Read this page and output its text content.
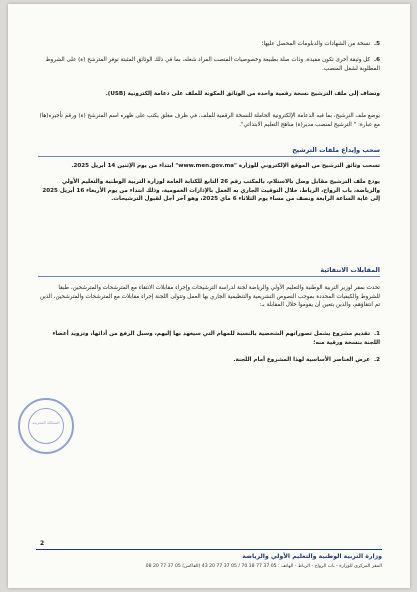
5. نسخة من الشهادات والدبلومات المحصل عليها؛
6. كل وثيقة أخرى تكون مفيدة، وذات صلة بطبيعة وخصوصيات المنصب المراد شغله، بما في ذلك الوثائق المثبتة توفر المترشح (ة) على الشروط المطلوبة لشغل المنصب.
وتضاف إلى ملف الترشيح نسخة رقمية واحدة من الوثائق المكونة للملف على دعامة إلكترونية (USB).
يوضع ملف الترشيح، بما فيه الدعامة الإلكترونية الحاملة للنسخة الرقمية للملف، في ظرف مغلق يكتب على ظهره اسم المترشح (ة) ورقم تأجيره(ها) مع عبارة: " الترشيح لمنصب مدير(ة) مناهج التعليم الابتدائي".
سحب وإيداع ملفات الترشيح
تسحب وثائق الترشيح من الموقع الإلكتروني للوزارة "www.men.gov.ma" ابتداء من يوم الإثنين 14 أبريل 2025.
يودع ملف الترشيح مقابل وصل بالاستلام، بالمكتب رقم 26 التابع للكتابة العامة لوزارة التربية الوطنية والتعليم الأولي والرياضة، باب الرواح، الرباط، خلال التوقيت الجاري به العمل بالإدارات العمومية، وذلك ابتداء من يوم الأربعاء 16 أبريل 2025 إلى غاية الساعة الرابعة ونصف من مساء يوم الثلاثاء 6 ماي 2025، وهو آخر أجل لقبول الترشيحات.
المقابلات الانتقائية
تحدث بمقر لوزير التربية الوطنية والتعليم الأولي والرياضة لجنة لدراسة الترشيحات وإجراء مقابلات الانتقاء مع المترشحات والمترشحين، طبقا للشروط والكيفيات المحددة بموجب النصوص التشريعية والتنظيمية الجاري بها العمل وتتولى اللجنة إجراء مقابلات مع المترشحات والمترشحين، الذين تم انتقاؤهم، والذين يتعين أن يقوموا خلال المقابلة بـ:
1. تقديم مشروع يشمل تصوراتهم الشخصية بالنسبة للمهام التي سيعهد بها إليهم، وسبل الرفع من أدائها، وتزويد أعضاء اللجنة بنسخة ورقية منه؛
2. عرض العناصر الأساسية لهذا المشروع أمام اللجنة.
المملكة المغربية
2
وزارة التربية الوطنية والتعليم الأولي والرياضة
المقر المركزي للوزارة - باب الرواح - الرباط - الهاتف : 05 37 77 18 70 / 05 37 77 20 43 (الفاكس) 05 37 77 20 08
